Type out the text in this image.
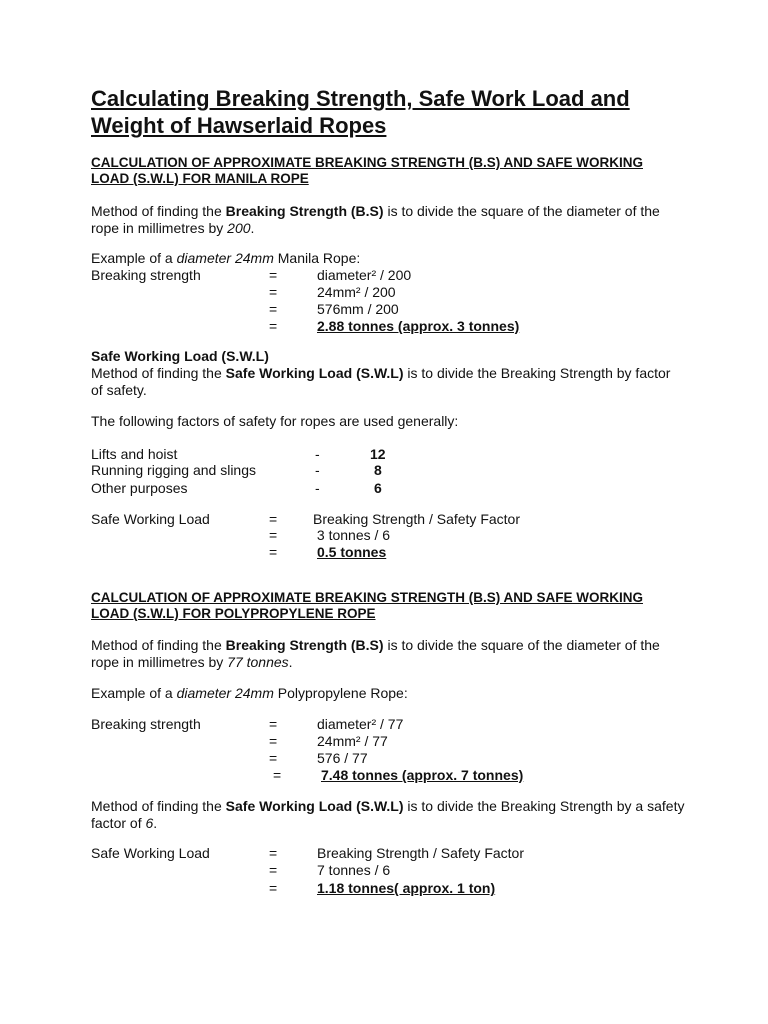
Calculating Breaking Strength, Safe Work Load and
Weight of Hawserlaid Ropes
CALCULATION OF APPROXIMATE BREAKING STRENGTH (B.S) AND SAFE WORKING
LOAD (S.W.L) FOR MANILA ROPE
Method of finding the Breaking Strength (B.S) is to divide the square of the diameter of the
rope in millimetres by 200.
Example of a diameter 24mm Manila Rope:
Breaking strength	=	diameter² / 200
=	24mm² / 200
=	576mm / 200
=	2.88 tonnes (approx. 3 tonnes)
Safe Working Load (S.W.L)
Method of finding the Safe Working Load (S.W.L) is to divide the Breaking Strength by factor
of safety.
The following factors of safety for ropes are used generally:
Lifts and hoist	-	12
Running rigging and slings	-	8
Other purposes	-	6
Safe Working Load	=	Breaking Strength / Safety Factor
=	3 tonnes / 6
=	0.5 tonnes
CALCULATION OF APPROXIMATE BREAKING STRENGTH (B.S) AND SAFE WORKING
LOAD (S.W.L) FOR POLYPROPYLENE ROPE
Method of finding the Breaking Strength (B.S) is to divide the square of the diameter of the
rope in millimetres by 77 tonnes.
Example of a diameter 24mm Polypropylene Rope:
Breaking strength	=	diameter² / 77
=	24mm² / 77
=	576 / 77
=	7.48 tonnes (approx. 7 tonnes)
Method of finding the Safe Working Load (S.W.L) is to divide the Breaking Strength by a safety
factor of 6.
Safe Working Load	=	Breaking Strength / Safety Factor
=	7 tonnes / 6
=	1.18 tonnes( approx. 1 ton)
